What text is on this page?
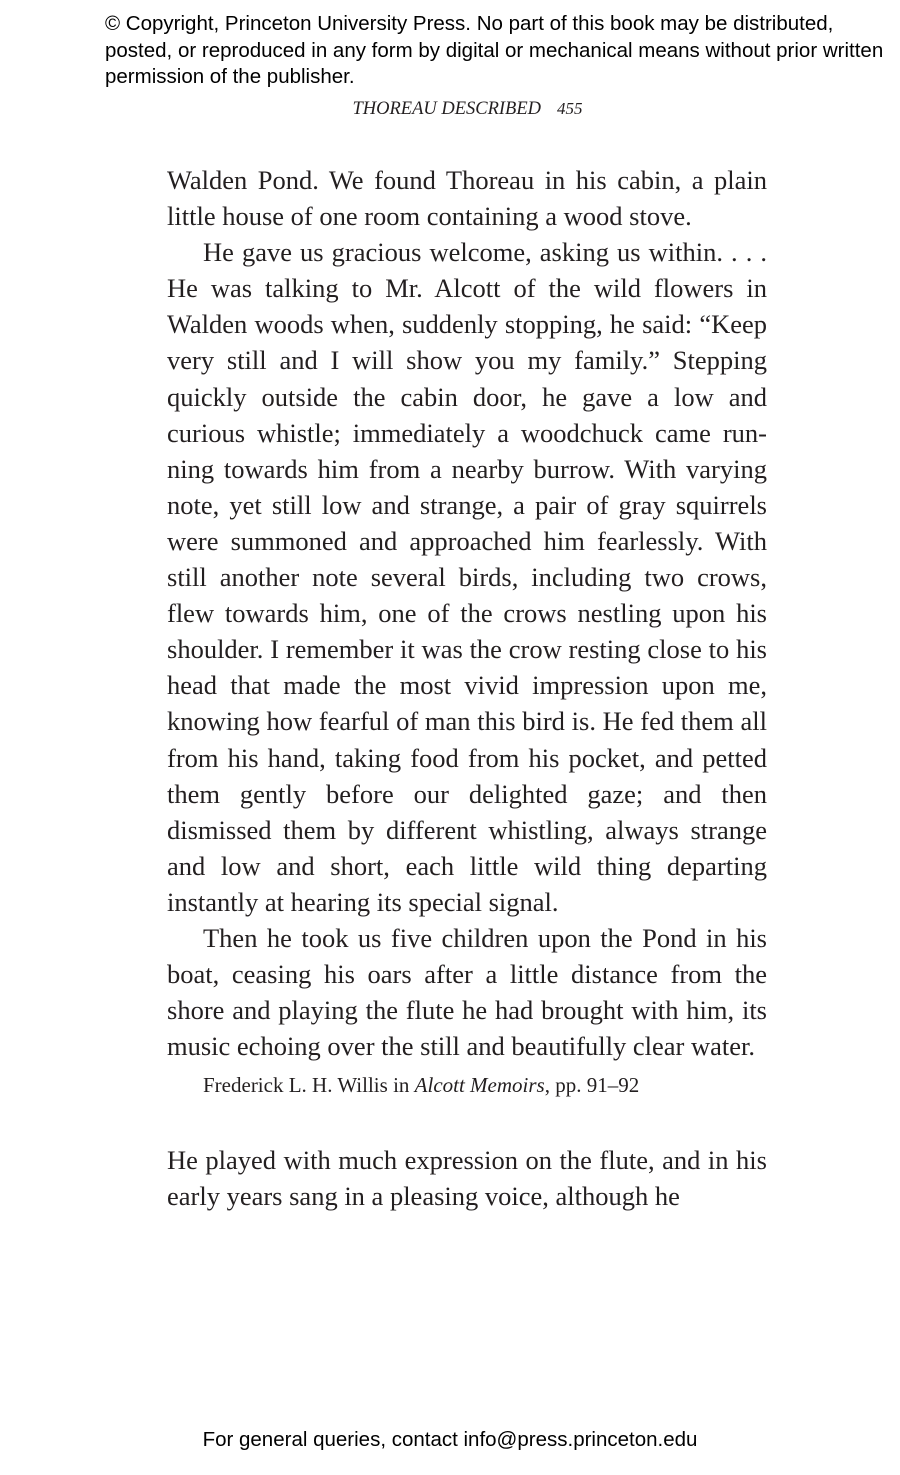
© Copyright, Princeton University Press. No part of this book may be distributed, posted, or reproduced in any form by digital or mechanical means without prior written permission of the publisher.

THOREAU DESCRIBED 455

Walden Pond. We found Thoreau in his cabin, a plain little house of one room containing a wood stove.

He gave us gracious welcome, asking us within. . . . He was talking to Mr. Alcott of the wild flowers in Walden woods when, suddenly stopping, he said: “Keep very still and I will show you my family.” Stepping quickly outside the cabin door, he gave a low and curious whistle; immediately a woodchuck came running towards him from a nearby burrow. With varying note, yet still low and strange, a pair of gray squirrels were summoned and approached him fearlessly. With still another note several birds, including two crows, flew towards him, one of the crows nestling upon his shoulder. I remember it was the crow resting close to his head that made the most vivid impression upon me, knowing how fearful of man this bird is. He fed them all from his hand, taking food from his pocket, and petted them gently before our delighted gaze; and then dismissed them by different whistling, always strange and low and short, each little wild thing departing instantly at hearing its special signal.

Then he took us five children upon the Pond in his boat, ceasing his oars after a little distance from the shore and playing the flute he had brought with him, its music echoing over the still and beautifully clear water.

Frederick L. H. Willis in Alcott Memoirs, pp. 91–92

He played with much expression on the flute, and in his early years sang in a pleasing voice, although he

For general queries, contact info@press.princeton.edu
